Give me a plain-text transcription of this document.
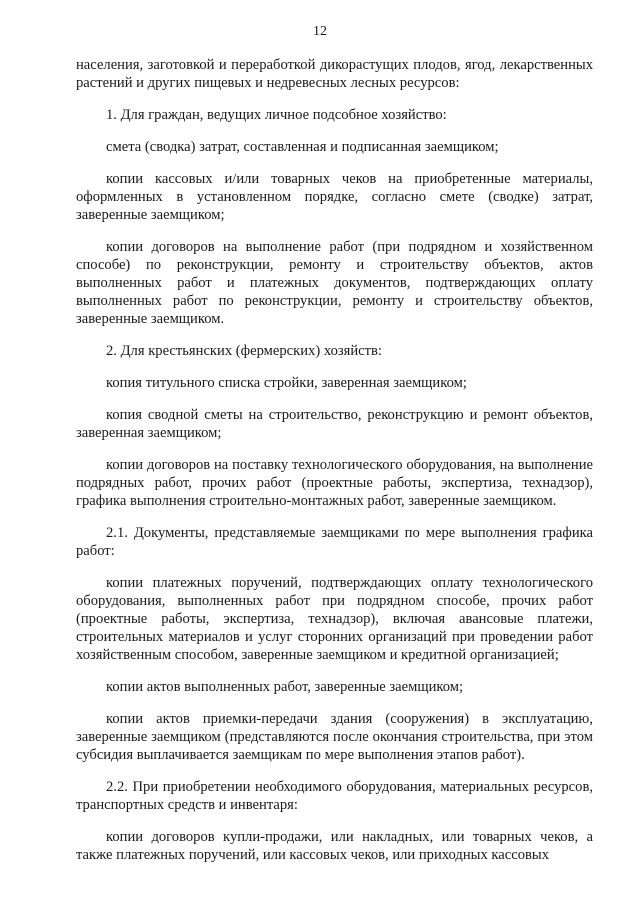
12

населения, заготовкой и переработкой дикорастущих плодов, ягод, лекарственных растений и других пищевых и недревесных лесных ресурсов:

1. Для граждан, ведущих личное подсобное хозяйство:

смета (сводка) затрат, составленная и подписанная заемщиком;

копии кассовых и/или товарных чеков на приобретенные материалы, оформленных в установленном порядке, согласно смете (сводке) затрат, заверенные заемщиком;

копии договоров на выполнение работ (при подрядном и хозяйственном способе) по реконструкции, ремонту и строительству объектов, актов выполненных работ и платежных документов, подтверждающих оплату выполненных работ по реконструкции, ремонту и строительству объектов, заверенные заемщиком.

2. Для крестьянских (фермерских) хозяйств:

копия титульного списка стройки, заверенная заемщиком;

копия сводной сметы на строительство, реконструкцию и ремонт объектов, заверенная заемщиком;

копии договоров на поставку технологического оборудования, на выполнение подрядных работ, прочих работ (проектные работы, экспертиза, технадзор), графика выполнения строительно-монтажных работ, заверенные заемщиком.

2.1. Документы, представляемые заемщиками по мере выполнения графика работ:

копии платежных поручений, подтверждающих оплату технологического оборудования, выполненных работ при подрядном способе, прочих работ (проектные работы, экспертиза, технадзор), включая авансовые платежи, строительных материалов и услуг сторонних организаций при проведении работ хозяйственным способом, заверенные заемщиком и кредитной организацией;

копии актов выполненных работ, заверенные заемщиком;

копии актов приемки-передачи здания (сооружения) в эксплуатацию, заверенные заемщиком (представляются после окончания строительства, при этом субсидия выплачивается заемщикам по мере выполнения этапов работ).

2.2. При приобретении необходимого оборудования, материальных ресурсов, транспортных средств и инвентаря:

копии договоров купли-продажи, или накладных, или товарных чеков, а также платежных поручений, или кассовых чеков, или приходных кассовых
